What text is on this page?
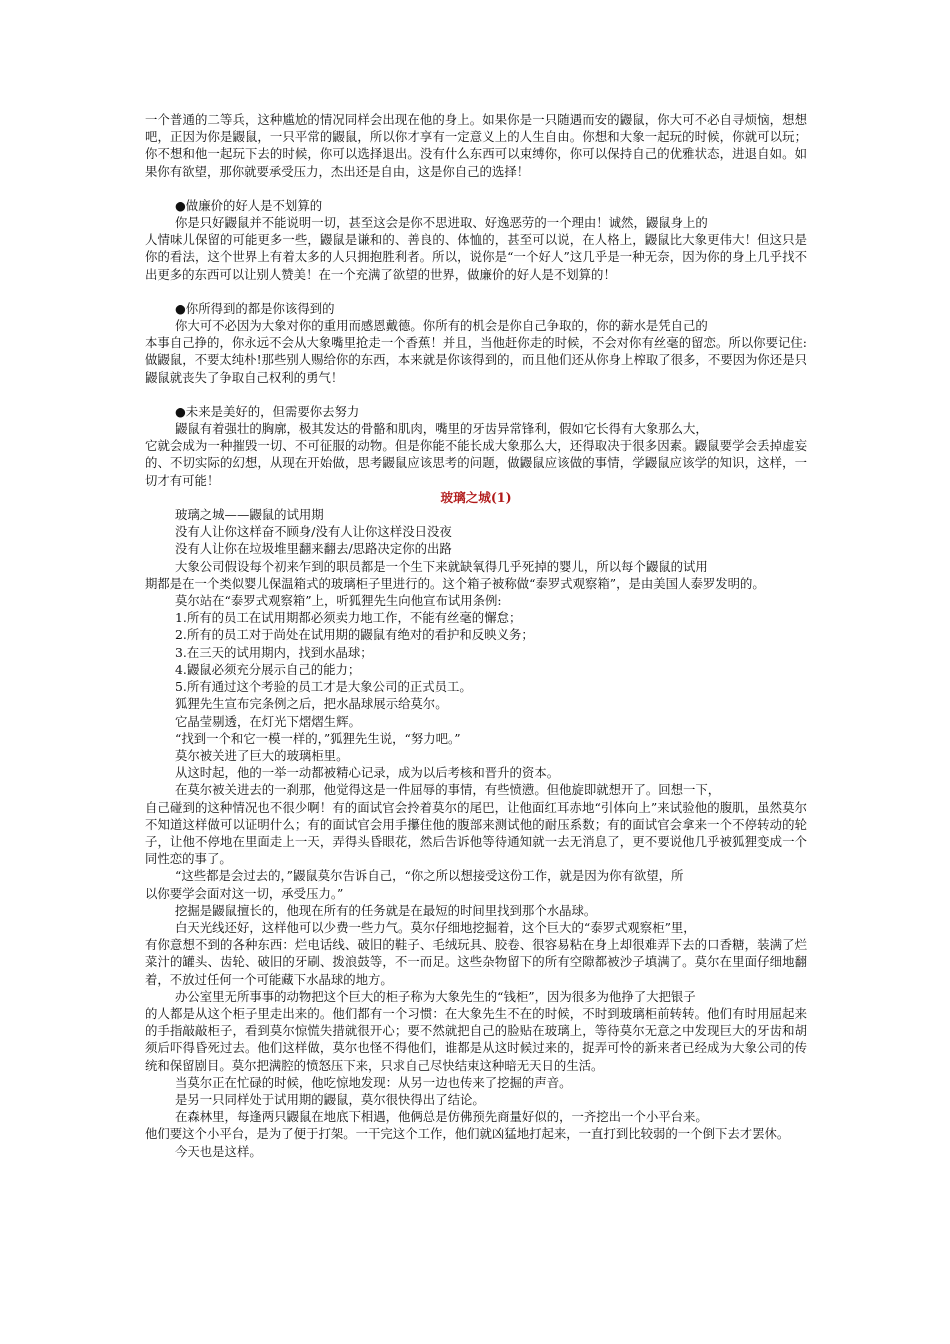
一个普通的二等兵，这种尴尬的情况同样会出现在他的身上。如果你是一只随遇而安的鼹鼠，你大可不必自寻烦恼，想想吧，正因为你是鼹鼠，一只平常的鼹鼠，所以你才享有一定意义上的人生自由。你想和大象一起玩的时候，你就可以玩；你不想和他一起玩下去的时候，你可以选择退出。没有什么东西可以束缚你，你可以保持自己的优雅状态，进退自如。如果你有欲望，那你就要承受压力，杰出还是自由，这是你自己的选择！

●做廉价的好人是不划算的

你是只好鼹鼠并不能说明一切，甚至这会是你不思进取、好逸恶劳的一个理由！诚然，鼹鼠身上的

人情味儿保留的可能更多一些，鼹鼠是谦和的、善良的、体恤的，甚至可以说，在人格上，鼹鼠比大象更伟大！但这只是你的看法，这个世界上有着太多的人只拥抱胜利者。所以，说你是“一个好人”这几乎是一种无奈，因为你的身上几乎找不出更多的东西可以让别人赞美！在一个充满了欲望的世界，做廉价的好人是不划算的！

●你所得到的都是你该得到的

你大可不必因为大象对你的重用而感恩戴德。你所有的机会是你自己争取的，你的薪水是凭自己的

本事自己挣的，你永远不会从大象嘴里抢走一个香蕉！并且，当他赶你走的时候，不会对你有丝毫的留恋。所以你要记住:做鼹鼠，不要太纯朴!那些别人赐给你的东西，本来就是你该得到的，而且他们还从你身上榨取了很多，不要因为你还是只鼹鼠就丧失了争取自己权利的勇气！

●未来是美好的，但需要你去努力

鼹鼠有着强壮的胸廓，极其发达的骨骼和肌肉，嘴里的牙齿异常锋利，假如它长得有大象那么大，

它就会成为一种摧毁一切、不可征服的动物。但是你能不能长成大象那么大，还得取决于很多因素。鼹鼠要学会丢掉虚妄的、不切实际的幻想，从现在开始做，思考鼹鼠应该思考的问题，做鼹鼠应该做的事情，学鼹鼠应该学的知识，这样，一切才有可能！

玻璃之城(1)

玻璃之城——鼹鼠的试用期

没有人让你这样奋不顾身/没有人让你这样没日没夜

没有人让你在垃圾堆里翻来翻去/思路决定你的出路

大象公司假设每个初来乍到的职员都是一个生下来就缺氧得几乎死掉的婴儿，所以每个鼹鼠的试用

期都是在一个类似婴儿保温箱式的玻璃柜子里进行的。这个箱子被称做“泰罗式观察箱”，是由美国人泰罗发明的。

莫尔站在“泰罗式观察箱”上，听狐狸先生向他宣布试用条例:

1.所有的员工在试用期都必须卖力地工作，不能有丝毫的懈怠；

2.所有的员工对于尚处在试用期的鼹鼠有绝对的看护和反映义务；

3.在三天的试用期内，找到水晶球；

4.鼹鼠必须充分展示自己的能力；

5.所有通过这个考验的员工才是大象公司的正式员工。

狐狸先生宣布完条例之后，把水晶球展示给莫尔。

它晶莹剔透，在灯光下熠熠生辉。

“找到一个和它一模一样的，”狐狸先生说，“努力吧。”

莫尔被关进了巨大的玻璃柜里。

从这时起，他的一举一动都被精心记录，成为以后考核和晋升的资本。

在莫尔被关进去的一刹那，他觉得这是一件屈辱的事情，有些愤懑。但他旋即就想开了。回想一下，

自己碰到的这种情况也不很少啊！有的面试官会拎着莫尔的尾巴，让他面红耳赤地“引体向上”来试验他的腹肌，虽然莫尔不知道这样做可以证明什么；有的面试官会用手攥住他的腹部来测试他的耐压系数；有的面试官会拿来一个不停转动的轮子，让他不停地在里面走上一天，弄得头昏眼花，然后告诉他等待通知就一去无消息了，更不要说他几乎被狐狸变成一个同性恋的事了。

“这些都是会过去的，”鼹鼠莫尔告诉自己，“你之所以想接受这份工作，就是因为你有欲望，所

以你要学会面对这一切，承受压力。”

挖掘是鼹鼠擅长的，他现在所有的任务就是在最短的时间里找到那个水晶球。

白天光线还好，这样他可以少费一些力气。莫尔仔细地挖掘着，这个巨大的“泰罗式观察柜”里，

有你意想不到的各种东西：烂电话线、破旧的鞋子、毛绒玩具、胶卷、很容易粘在身上却很难弄下去的口香糖，装满了烂菜汁的罐头、齿轮、破旧的牙刷、拨浪鼓等，不一而足。这些杂物留下的所有空隙都被沙子填满了。莫尔在里面仔细地翻着，不放过任何一个可能藏下水晶球的地方。

办公室里无所事事的动物把这个巨大的柜子称为大象先生的“钱柜”，因为很多为他挣了大把银子

的人都是从这个柜子里走出来的。他们都有一个习惯：在大象先生不在的时候，不时到玻璃柜前转转。他们有时用屈起来的手指敲敲柜子，看到莫尔惊慌失措就很开心；要不然就把自己的脸贴在玻璃上，等待莫尔无意之中发现巨大的牙齿和胡须后吓得昏死过去。他们这样做，莫尔也怪不得他们，谁都是从这时候过来的，捉弄可怜的新来者已经成为大象公司的传统和保留剧目。莫尔把满腔的愤怒压下来，只求自己尽快结束这种暗无天日的生活。

当莫尔正在忙碌的时候，他吃惊地发现：从另一边也传来了挖掘的声音。

是另一只同样处于试用期的鼹鼠，莫尔很快得出了结论。

在森林里，每逢两只鼹鼠在地底下相遇，他俩总是仿佛预先商量好似的，一齐挖出一个小平台来。

他们要这个小平台，是为了便于打架。一干完这个工作，他们就凶猛地打起来，一直打到比较弱的一个倒下去才罢休。

今天也是这样。
